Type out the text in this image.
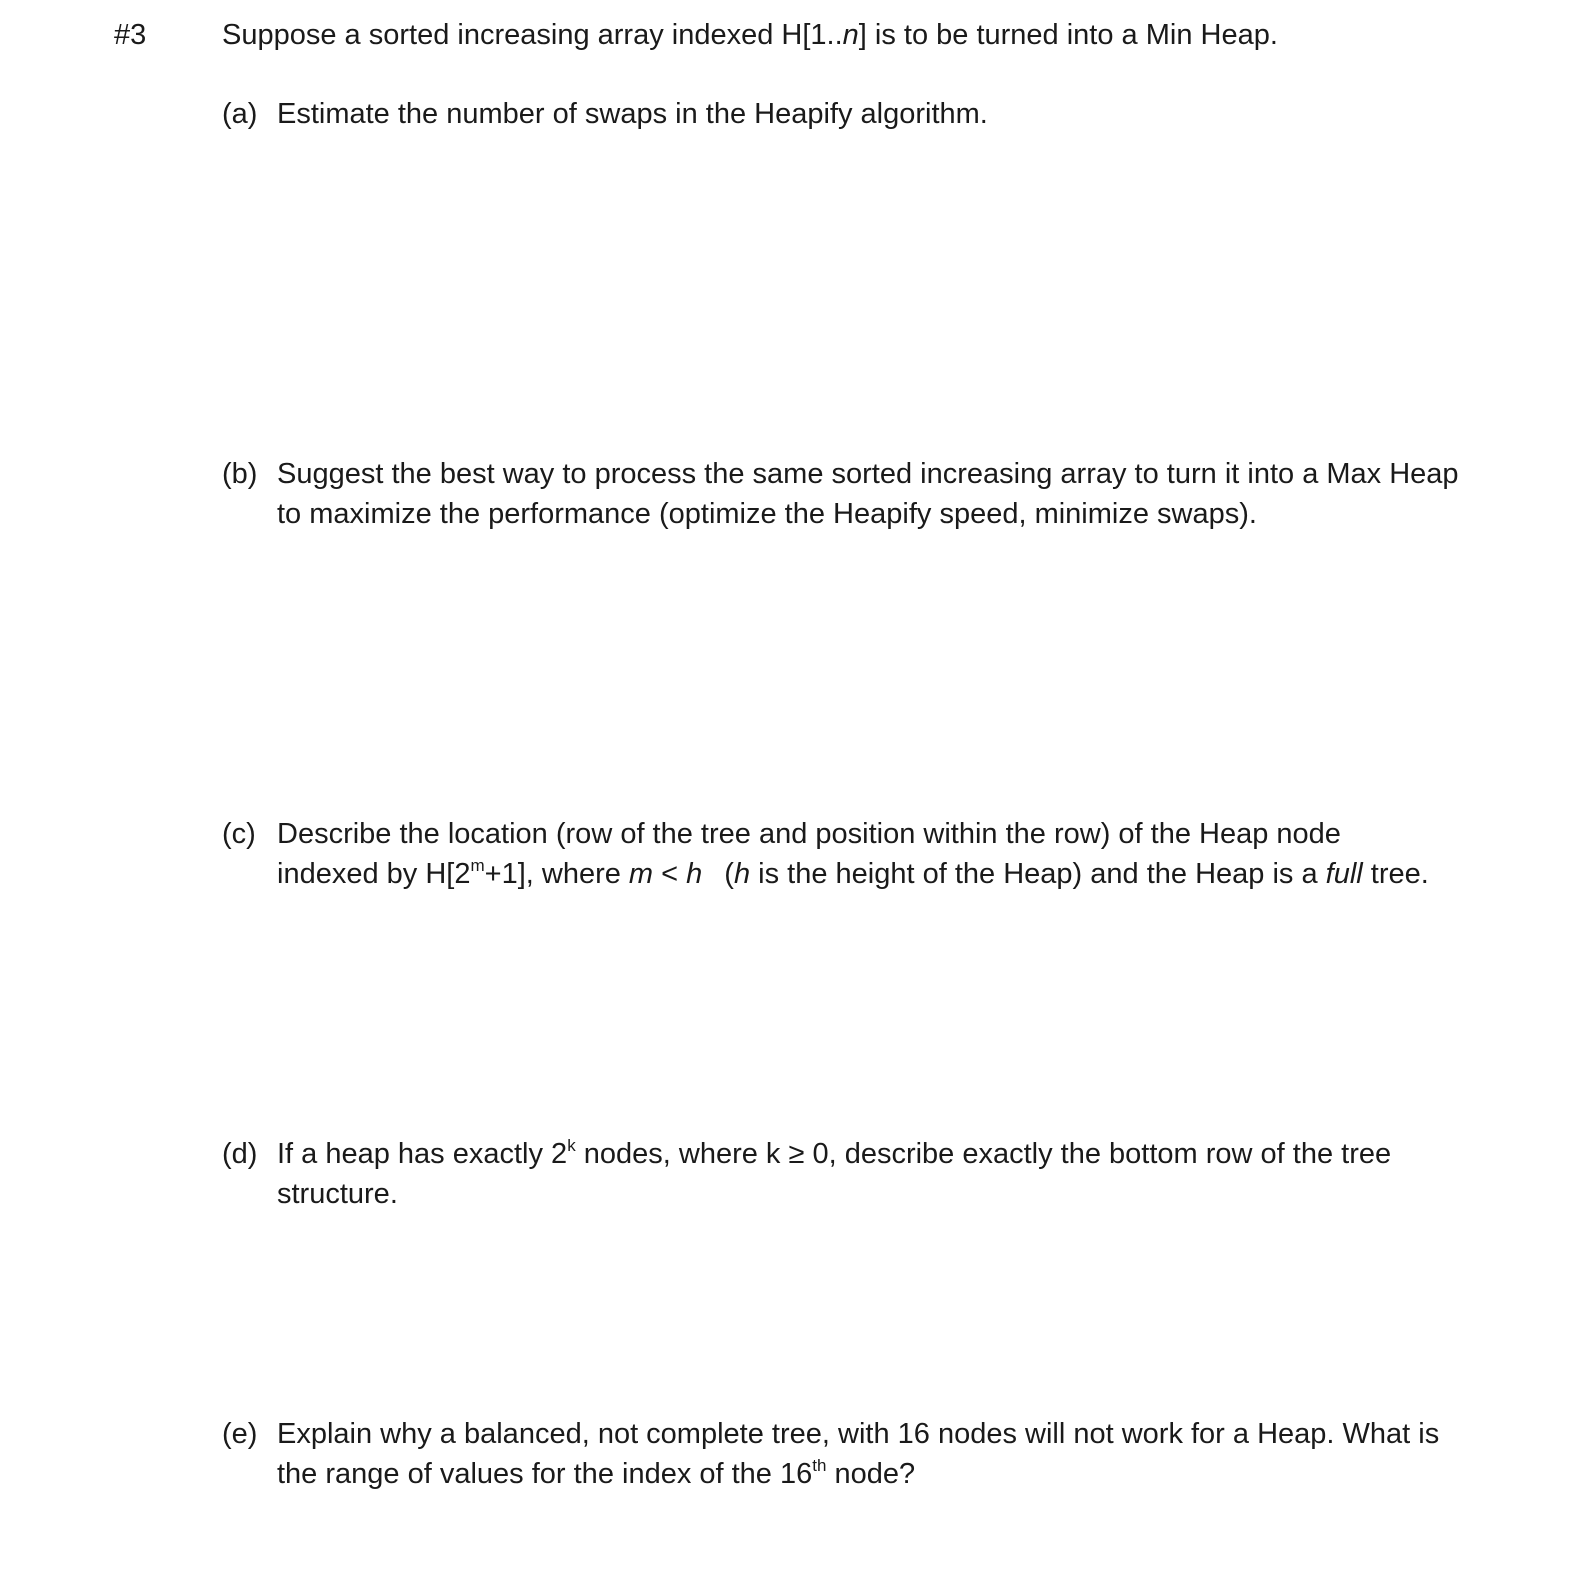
#3	Suppose a sorted increasing array indexed H[1..n] is to be turned into a Min Heap.
(a) Estimate the number of swaps in the Heapify algorithm.
(b) Suggest the best way to process the same sorted increasing array to turn it into a Max Heap
to maximize the performance (optimize the Heapify speed, minimize swaps).
(c) Describe the location (row of the tree and position within the row) of the Heap node
indexed by $H[2^m+1]$, where m < h (h is the height of the Heap) and the Heap is a full tree.
(d) If a heap has exactly 2$^k$ nodes, where k ≥ 0, describe exactly the bottom row of the tree
structure.
(e) Explain why a balanced, not complete tree, with 16 nodes will not work for a Heap. What is
the range of values for the index of the 16th node?
